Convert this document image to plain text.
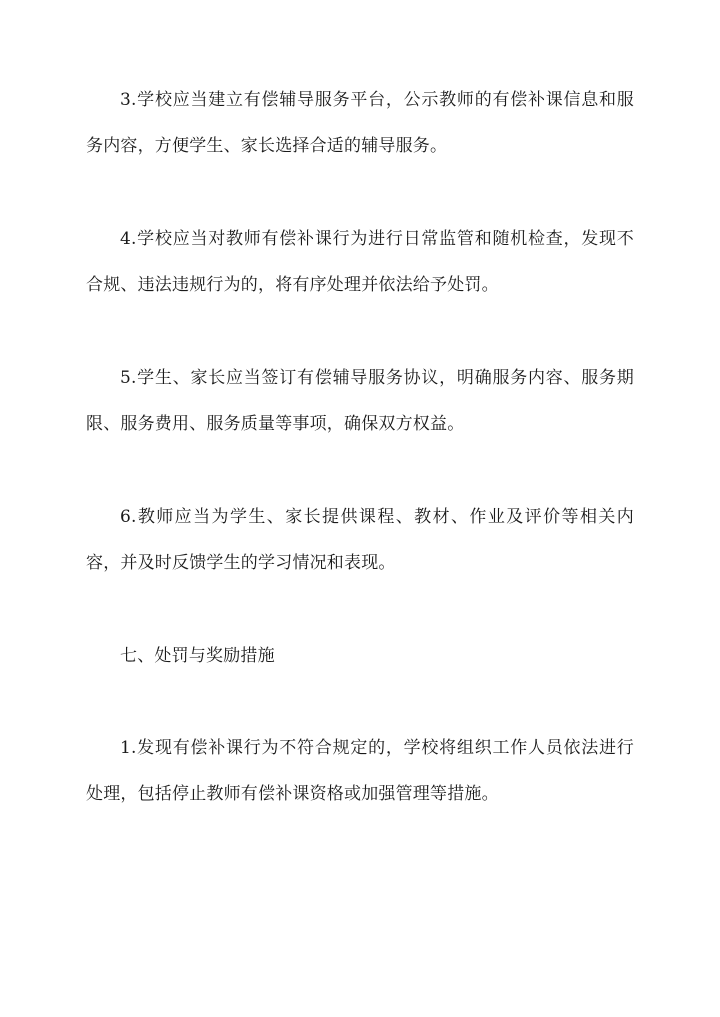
3.学校应当建立有偿辅导服务平台，公示教师的有偿补课信息和服务内容，方便学生、家长选择合适的辅导服务。

4.学校应当对教师有偿补课行为进行日常监管和随机检查，发现不合规、违法违规行为的，将有序处理并依法给予处罚。

5.学生、家长应当签订有偿辅导服务协议，明确服务内容、服务期限、服务费用、服务质量等事项，确保双方权益。

6.教师应当为学生、家长提供课程、教材、作业及评价等相关内容，并及时反馈学生的学习情况和表现。

七、处罚与奖励措施

1.发现有偿补课行为不符合规定的，学校将组织工作人员依法进行处理，包括停止教师有偿补课资格或加强管理等措施。
